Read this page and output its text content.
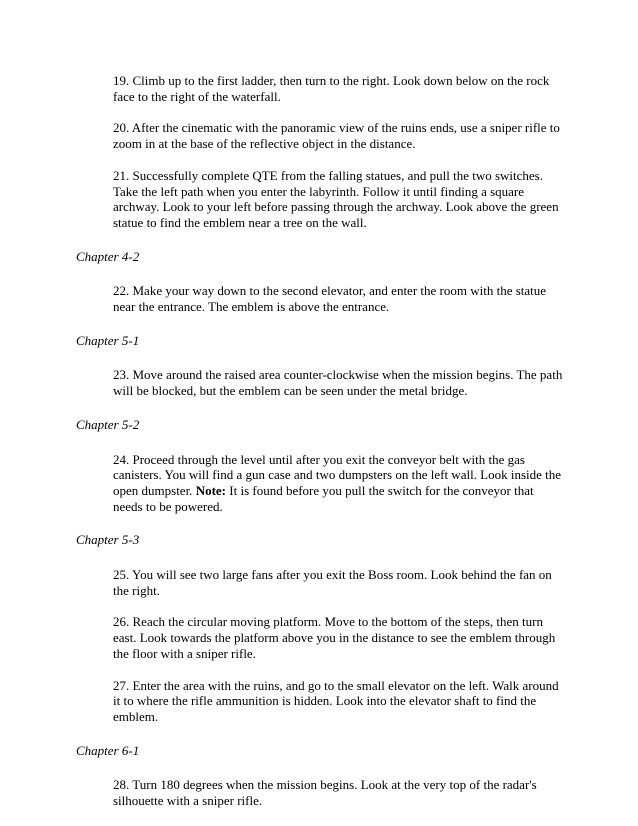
19. Climb up to the first ladder, then turn to the right. Look down below on the rock face to the right of the waterfall.

20. After the cinematic with the panoramic view of the ruins ends, use a sniper rifle to zoom in at the base of the reflective object in the distance.

21. Successfully complete QTE from the falling statues, and pull the two switches. Take the left path when you enter the labyrinth. Follow it until finding a square archway. Look to your left before passing through the archway. Look above the green statue to find the emblem near a tree on the wall.

Chapter 4-2

22. Make your way down to the second elevator, and enter the room with the statue near the entrance. The emblem is above the entrance.

Chapter 5-1

23. Move around the raised area counter-clockwise when the mission begins. The path will be blocked, but the emblem can be seen under the metal bridge.

Chapter 5-2

24. Proceed through the level until after you exit the conveyor belt with the gas canisters. You will find a gun case and two dumpsters on the left wall. Look inside the open dumpster. Note: It is found before you pull the switch for the conveyor that needs to be powered.

Chapter 5-3

25. You will see two large fans after you exit the Boss room. Look behind the fan on the right.

26. Reach the circular moving platform. Move to the bottom of the steps, then turn east. Look towards the platform above you in the distance to see the emblem through the floor with a sniper rifle.

27. Enter the area with the ruins, and go to the small elevator on the left. Walk around it to where the rifle ammunition is hidden. Look into the elevator shaft to find the emblem.

Chapter 6-1

28. Turn 180 degrees when the mission begins. Look at the very top of the radar's silhouette with a sniper rifle.
